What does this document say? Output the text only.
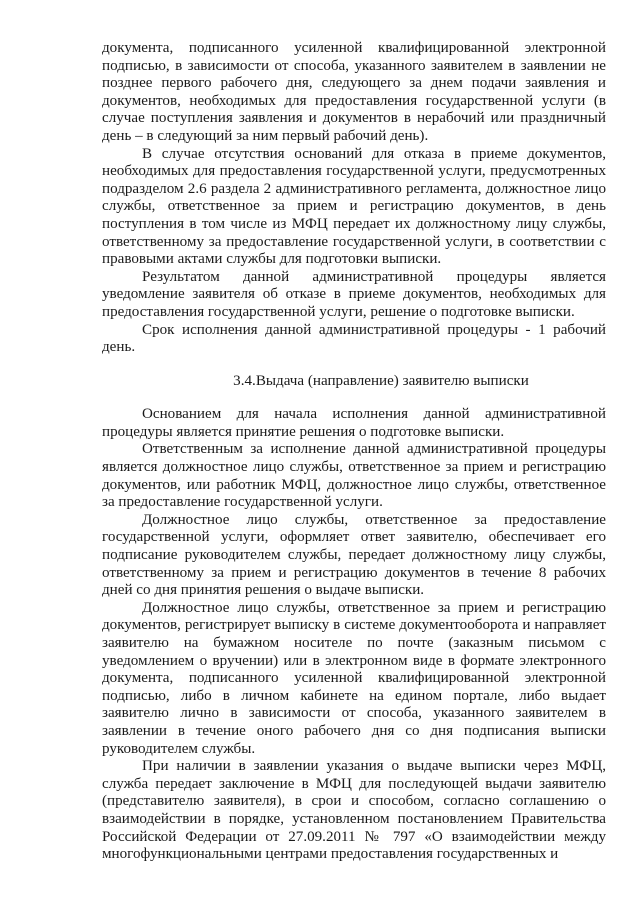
документа, подписанного усиленной квалифицированной электронной подписью, в зависимости от способа, указанного заявителем в заявлении не позднее первого рабочего дня, следующего за днем подачи заявления и документов, необходимых для предоставления государственной услуги (в случае поступления заявления и документов в нерабочий или праздничный день – в следующий за ним первый рабочий день).

В случае отсутствия оснований для отказа в приеме документов, необходимых для предоставления государственной услуги, предусмотренных подразделом 2.6 раздела 2 административного регламента, должностное лицо службы, ответственное за прием и регистрацию документов, в день поступления в том числе из МФЦ передает их должностному лицу службы, ответственному за предоставление государственной услуги, в соответствии с правовыми актами службы для подготовки выписки.

Результатом данной административной процедуры является уведомление заявителя об отказе в приеме документов, необходимых для предоставления государственной услуги, решение о подготовке выписки.

Срок исполнения данной административной процедуры - 1 рабочий день.

3.4.Выдача (направление) заявителю выписки

Основанием для начала исполнения данной административной процедуры является принятие решения о подготовке выписки.

Ответственным за исполнение данной административной процедуры является должностное лицо службы, ответственное за прием и регистрацию документов, или работник МФЦ, должностное лицо службы, ответственное за предоставление государственной услуги.

Должностное лицо службы, ответственное за предоставление государственной услуги, оформляет ответ заявителю, обеспечивает его подписание руководителем службы, передает должностному лицу службы, ответственному за прием и регистрацию документов в течение 8 рабочих дней со дня принятия решения о выдаче выписки.

Должностное лицо службы, ответственное за прием и регистрацию документов, регистрирует выписку в системе документооборота и направляет заявителю на бумажном носителе по почте (заказным письмом с уведомлением о вручении) или в электронном виде в формате электронного документа, подписанного усиленной квалифицированной электронной подписью, либо в личном кабинете на едином портале, либо выдает заявителю лично в зависимости от способа, указанного заявителем в заявлении в течение оного рабочего дня со дня подписания выписки руководителем службы.

При наличии в заявлении указания о выдаче выписки через МФЦ, служба передает заключение в МФЦ для последующей выдачи заявителю (представителю заявителя), в срои и способом, согласно соглашению о взаимодействии в порядке, установленном постановлением Правительства Российской Федерации от 27.09.2011 № 797 «О взаимодействии между многофункциональными центрами предоставления государственных и
